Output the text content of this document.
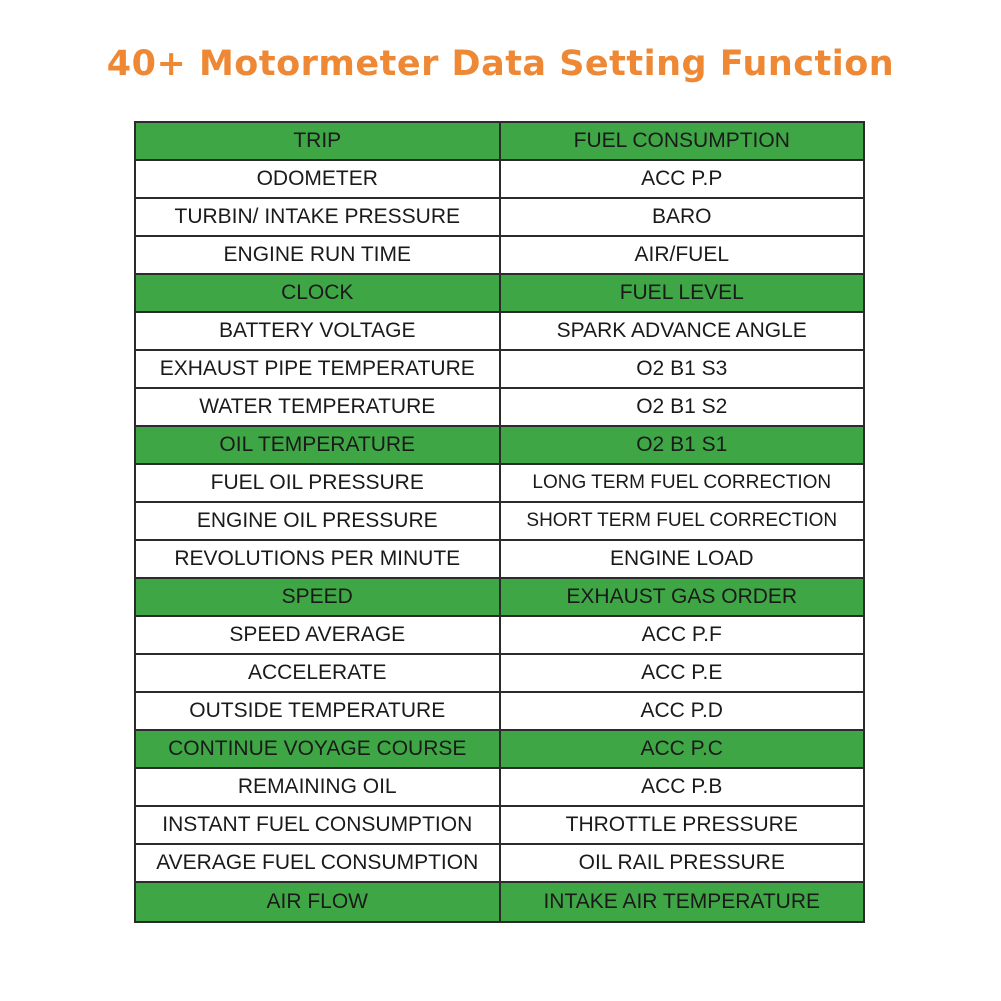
40+ Motormeter Data Setting Function
TRIP	FUEL CONSUMPTION
ODOMETER	ACC P.P
TURBIN/ INTAKE PRESSURE	BARO
ENGINE RUN TIME	AIR/FUEL
CLOCK	FUEL LEVEL
BATTERY VOLTAGE	SPARK ADVANCE ANGLE
EXHAUST PIPE TEMPERATURE	O2 B1 S3
WATER TEMPERATURE	O2 B1 S2
OIL TEMPERATURE	O2 B1 S1
FUEL OIL PRESSURE	LONG TERM FUEL CORRECTION
ENGINE OIL PRESSURE	SHORT TERM FUEL CORRECTION
REVOLUTIONS PER MINUTE	ENGINE LOAD
SPEED	EXHAUST GAS ORDER
SPEED AVERAGE	ACC P.F
ACCELERATE	ACC P.E
OUTSIDE TEMPERATURE	ACC P.D
CONTINUE VOYAGE COURSE	ACC P.C
REMAINING OIL	ACC P.B
INSTANT FUEL CONSUMPTION	THROTTLE PRESSURE
AVERAGE FUEL CONSUMPTION	OIL RAIL PRESSURE
AIR FLOW	INTAKE AIR TEMPERATURE
